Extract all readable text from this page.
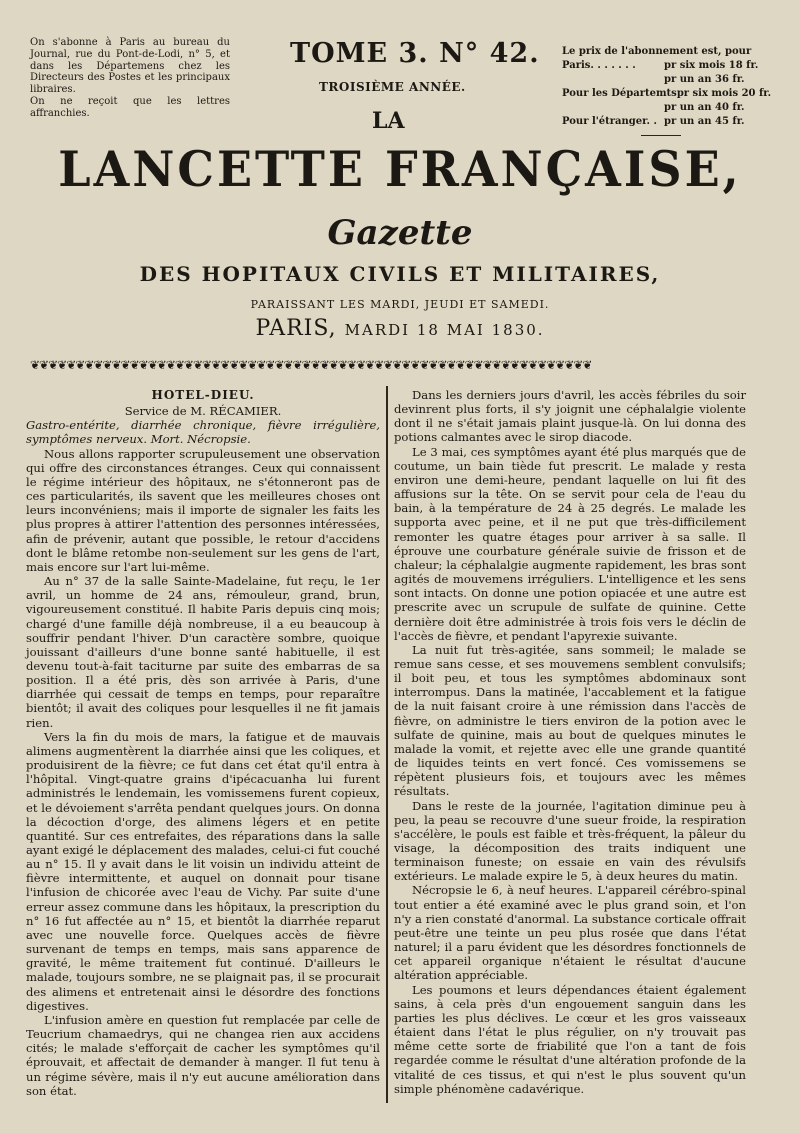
On s'abonne à Paris au bureau du Journal, rue du Pont-de-Lodi, n° 5, et dans les Départemens chez les Directeurs des Postes et les principaux libraires.
On ne reçoit que les lettres affranchies.
TOME 3. N° 42.
TROISIÈME ANNÉE.
Le prix de l'abonnement est, pour
Paris. . . . . . .	pr six mois 18 fr.
pr un an 36 fr.
Pour les Départemts pr six mois 20 fr.
pr un an 40 fr.
Pour l'étranger. . pr un an 45 fr.
LA
LANCETTE FRANÇAISE,
Gazette
DES HOPITAUX CIVILS ET MILITAIRES,
PARAISSANT LES MARDI, JEUDI ET SAMEDI.
PARIS, MARDI 18 MAI 1830.
❦❦❦❦❦❦❦❦❦❦❦❦❦❦❦❦❦❦❦❦❦❦❦❦❦❦❦❦❦❦❦❦❦❦❦❦❦❦❦❦❦❦❦❦❦❦❦❦❦❦❦❦❦❦❦❦❦❦❦❦❦❦
HOTEL-DIEU.
Service de M. RÉCAMIER.

Gastro-entérite, diarrhée chronique, fièvre irrégulière, symptômes nerveux. Mort. Nécropsie.

Nous allons rapporter scrupuleusement une observation qui offre des circonstances étranges. Ceux qui connaissent le régime intérieur des hôpitaux, ne s'étonneront pas de ces particularités, ils savent que les meilleures choses ont leurs inconvéniens; mais il importe de signaler les faits les plus propres à attirer l'attention des personnes intéressées, afin de prévenir, autant que possible, le retour d'accidens dont le blâme retombe non-seulement sur les gens de l'art, mais encore sur l'art lui-même.

Au n° 37 de la salle Sainte-Madelaine, fut reçu, le 1er avril, un homme de 24 ans, rémouleur, grand, brun, vigoureusement constitué. Il habite Paris depuis cinq mois; chargé d'une famille déjà nombreuse, il a eu beaucoup à souffrir pendant l'hiver. D'un caractère sombre, quoique jouissant d'ailleurs d'une bonne santé habituelle, il est devenu tout-à-fait taciturne par suite des embarras de sa position. Il a été pris, dès son arrivée à Paris, d'une diarrhée qui cessait de temps en temps, pour reparaître bientôt; il avait des coliques pour lesquelles il ne fit jamais rien.

Vers la fin du mois de mars, la fatigue et de mauvais alimens augmentèrent la diarrhée ainsi que les coliques, et produisirent de la fièvre; ce fut dans cet état qu'il entra à l'hôpital. Vingt-quatre grains d'ipécacuanha lui furent administrés le lendemain, les vomissemens furent copieux, et le dévoiement s'arrêta pendant quelques jours. On donna la décoction d'orge, des alimens légers et en petite quantité. Sur ces entrefaites, des réparations dans la salle ayant exigé le déplacement des malades, celui-ci fut couché au n° 15. Il y avait dans le lit voisin un individu atteint de fièvre intermittente, et auquel on donnait pour tisane l'infusion de chicorée avec l'eau de Vichy. Par suite d'une erreur assez commune dans les hôpitaux, la prescription du n° 16 fut affectée au n° 15, et bientôt la diarrhée reparut avec une nouvelle force. Quelques accès de fièvre survenant de temps en temps, mais sans apparence de gravité, le même traitement fut continué. D'ailleurs le malade, toujours sombre, ne se plaignait pas, il se procurait des alimens et entretenait ainsi le désordre des fonctions digestives.

L'infusion amère en question fut remplacée par celle de Teucrium chamaedrys, qui ne changea rien aux accidens cités; le malade s'efforçait de cacher les symptômes qu'il éprouvait, et affectait de demander à manger. Il fut tenu à un régime sévère, mais il n'y eut aucune amélioration dans son état.

Dans les derniers jours d'avril, les accès fébriles du soir devinrent plus forts, il s'y joignit une céphalalgie violente dont il ne s'était jamais plaint jusque-là. On lui donna des potions calmantes avec le sirop diacode.

Le 3 mai, ces symptômes ayant été plus marqués que de coutume, un bain tiède fut prescrit. Le malade y resta environ une demi-heure, pendant laquelle on lui fit des affusions sur la tête. On se servit pour cela de l'eau du bain, à la température de 24 à 25 degrés. Le malade les supporta avec peine, et il ne put que très-difficilement remonter les quatre étages pour arriver à sa salle. Il éprouve une courbature générale suivie de frisson et de chaleur; la céphalalgie augmente rapidement, les bras sont agités de mouvemens irréguliers. L'intelligence et les sens sont intacts. On donne une potion opiacée et une autre est prescrite avec un scrupule de sulfate de quinine. Cette dernière doit être administrée à trois fois vers le déclin de l'accès de fièvre, et pendant l'apyrexie suivante.

La nuit fut très-agitée, sans sommeil; le malade se remue sans cesse, et ses mouvemens semblent convulsifs; il boit peu, et tous les symptômes abdominaux sont interrompus. Dans la matinée, l'accablement et la fatigue de la nuit faisant croire à une rémission dans l'accès de fièvre, on administre le tiers environ de la potion avec le sulfate de quinine, mais au bout de quelques minutes le malade la vomit, et rejette avec elle une grande quantité de liquides teints en vert foncé. Ces vomissemens se répètent plusieurs fois, et toujours avec les mêmes résultats.

Dans le reste de la journée, l'agitation diminue peu à peu, la peau se recouvre d'une sueur froide, la respiration s'accélère, le pouls est faible et très-fréquent, la pâleur du visage, la décomposition des traits indiquent une terminaison funeste; on essaie en vain des révulsifs extérieurs. Le malade expire le 5, à deux heures du matin.

Nécropsie le 6, à neuf heures. L'appareil cérébro-spinal tout entier a été examiné avec le plus grand soin, et l'on n'y a rien constaté d'anormal. La substance corticale offrait peut-être une teinte un peu plus rosée que dans l'état naturel; il a paru évident que les désordres fonctionnels de cet appareil organique n'étaient le résultat d'aucune altération appréciable.

Les poumons et leurs dépendances étaient également sains, à cela près d'un engouement sanguin dans les parties les plus déclives. Le cœur et les gros vaisseaux étaient dans l'état le plus régulier, on n'y trouvait pas même cette sorte de friabilité que l'on a tant de fois regardée comme le résultat d'une altération profonde de la vitalité de ces tissus, et qui n'est le plus souvent qu'un simple phénomène cadavérique.
